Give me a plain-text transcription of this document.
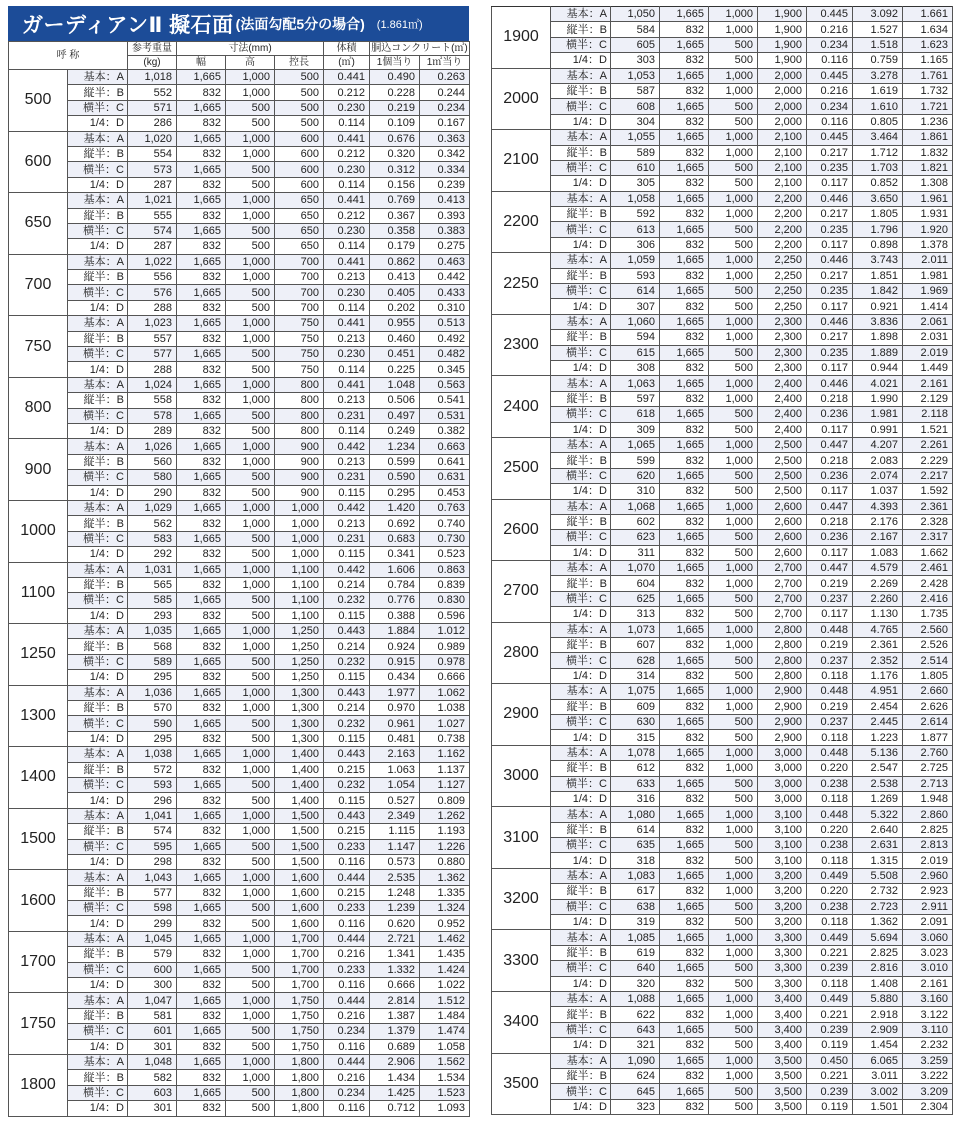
ガーディアンⅡ 擬石面 (法面勾配5分の場合) (1.861㎡)
呼 称		参考重量	寸法(mm)			体積	胴込コンクリート(㎥)	
		(kg)	幅	高	控長	(㎥)	1個当り	1㎡当り
500	基本：A	1,018	1,665	1,000	500	0.441	0.490	0.263
	縦半：B	552	832	1,000	500	0.212	0.228	0.244
	横半：C	571	1,665	500	500	0.230	0.219	0.234
	1/4：D	286	832	500	500	0.114	0.109	0.167
600	基本：A	1,020	1,665	1,000	600	0.441	0.676	0.363
	縦半：B	554	832	1,000	600	0.212	0.320	0.342
	横半：C	573	1,665	500	600	0.230	0.312	0.334
	1/4：D	287	832	500	600	0.114	0.156	0.239
650	基本：A	1,021	1,665	1,000	650	0.441	0.769	0.413
	縦半：B	555	832	1,000	650	0.212	0.367	0.393
	横半：C	574	1,665	500	650	0.230	0.358	0.383
	1/4：D	287	832	500	650	0.114	0.179	0.275
700	基本：A	1,022	1,665	1,000	700	0.441	0.862	0.463
	縦半：B	556	832	1,000	700	0.213	0.413	0.442
	横半：C	576	1,665	500	700	0.230	0.405	0.433
	1/4：D	288	832	500	700	0.114	0.202	0.310
750	基本：A	1,023	1,665	1,000	750	0.441	0.955	0.513
	縦半：B	557	832	1,000	750	0.213	0.460	0.492
	横半：C	577	1,665	500	750	0.230	0.451	0.482
	1/4：D	288	832	500	750	0.114	0.225	0.345
800	基本：A	1,024	1,665	1,000	800	0.441	1.048	0.563
	縦半：B	558	832	1,000	800	0.213	0.506	0.541
	横半：C	578	1,665	500	800	0.231	0.497	0.531
	1/4：D	289	832	500	800	0.114	0.249	0.382
900	基本：A	1,026	1,665	1,000	900	0.442	1.234	0.663
	縦半：B	560	832	1,000	900	0.213	0.599	0.641
	横半：C	580	1,665	500	900	0.231	0.590	0.631
	1/4：D	290	832	500	900	0.115	0.295	0.453
1000	基本：A	1,029	1,665	1,000	1,000	0.442	1.420	0.763
	縦半：B	562	832	1,000	1,000	0.213	0.692	0.740
	横半：C	583	1,665	500	1,000	0.231	0.683	0.730
	1/4：D	292	832	500	1,000	0.115	0.341	0.523
1100	基本：A	1,031	1,665	1,000	1,100	0.442	1.606	0.863
	縦半：B	565	832	1,000	1,100	0.214	0.784	0.839
	横半：C	585	1,665	500	1,100	0.232	0.776	0.830
	1/4：D	293	832	500	1,100	0.115	0.388	0.596
1250	基本：A	1,035	1,665	1,000	1,250	0.443	1.884	1.012
	縦半：B	568	832	1,000	1,250	0.214	0.924	0.989
	横半：C	589	1,665	500	1,250	0.232	0.915	0.978
	1/4：D	295	832	500	1,250	0.115	0.434	0.666
1300	基本：A	1,036	1,665	1,000	1,300	0.443	1.977	1.062
	縦半：B	570	832	1,000	1,300	0.214	0.970	1.038
	横半：C	590	1,665	500	1,300	0.232	0.961	1.027
	1/4：D	295	832	500	1,300	0.115	0.481	0.738
1400	基本：A	1,038	1,665	1,000	1,400	0.443	2.163	1.162
	縦半：B	572	832	1,000	1,400	0.215	1.063	1.137
	横半：C	593	1,665	500	1,400	0.232	1.054	1.127
	1/4：D	296	832	500	1,400	0.115	0.527	0.809
1500	基本：A	1,041	1,665	1,000	1,500	0.443	2.349	1.262
	縦半：B	574	832	1,000	1,500	0.215	1.115	1.193
	横半：C	595	1,665	500	1,500	0.233	1.147	1.226
	1/4：D	298	832	500	1,500	0.116	0.573	0.880
1600	基本：A	1,043	1,665	1,000	1,600	0.444	2.535	1.362
	縦半：B	577	832	1,000	1,600	0.215	1.248	1.335
	横半：C	598	1,665	500	1,600	0.233	1.239	1.324
	1/4：D	299	832	500	1,600	0.116	0.620	0.952
1700	基本：A	1,045	1,665	1,000	1,700	0.444	2.721	1.462
	縦半：B	579	832	1,000	1,700	0.216	1.341	1.435
	横半：C	600	1,665	500	1,700	0.233	1.332	1.424
	1/4：D	300	832	500	1,700	0.116	0.666	1.022
1750	基本：A	1,047	1,665	1,000	1,750	0.444	2.814	1.512
	縦半：B	581	832	1,000	1,750	0.216	1.387	1.484
	横半：C	601	1,665	500	1,750	0.234	1.379	1.474
	1/4：D	301	832	500	1,750	0.116	0.689	1.058
1800	基本：A	1,048	1,665	1,000	1,800	0.444	2.906	1.562
	縦半：B	582	832	1,000	1,800	0.216	1.434	1.534
	横半：C	603	1,665	500	1,800	0.234	1.425	1.523
	1/4：D	301	832	500	1,800	0.116	0.712	1.093
1900	基本：A	1,050	1,665	1,000	1,900	0.445	3.092	1.661
	縦半：B	584	832	1,000	1,900	0.216	1.527	1.634
	横半：C	605	1,665	500	1,900	0.234	1.518	1.623
	1/4：D	303	832	500	1,900	0.116	0.759	1.165
2000	基本：A	1,053	1,665	1,000	2,000	0.445	3.278	1.761
	縦半：B	587	832	1,000	2,000	0.216	1.619	1.732
	横半：C	608	1,665	500	2,000	0.234	1.610	1.721
	1/4：D	304	832	500	2,000	0.116	0.805	1.236
2100	基本：A	1,055	1,665	1,000	2,100	0.445	3.464	1.861
	縦半：B	589	832	1,000	2,100	0.217	1.712	1.832
	横半：C	610	1,665	500	2,100	0.235	1.703	1.821
	1/4：D	305	832	500	2,100	0.117	0.852	1.308
2200	基本：A	1,058	1,665	1,000	2,200	0.446	3.650	1.961
	縦半：B	592	832	1,000	2,200	0.217	1.805	1.931
	横半：C	613	1,665	500	2,200	0.235	1.796	1.920
	1/4：D	306	832	500	2,200	0.117	0.898	1.378
2250	基本：A	1,059	1,665	1,000	2,250	0.446	3.743	2.011
	縦半：B	593	832	1,000	2,250	0.217	1.851	1.981
	横半：C	614	1,665	500	2,250	0.235	1.842	1.969
	1/4：D	307	832	500	2,250	0.117	0.921	1.414
2300	基本：A	1,060	1,665	1,000	2,300	0.446	3.836	2.061
	縦半：B	594	832	1,000	2,300	0.217	1.898	2.031
	横半：C	615	1,665	500	2,300	0.235	1.889	2.019
	1/4：D	308	832	500	2,300	0.117	0.944	1.449
2400	基本：A	1,063	1,665	1,000	2,400	0.446	4.021	2.161
	縦半：B	597	832	1,000	2,400	0.218	1.990	2.129
	横半：C	618	1,665	500	2,400	0.236	1.981	2.118
	1/4：D	309	832	500	2,400	0.117	0.991	1.521
2500	基本：A	1,065	1,665	1,000	2,500	0.447	4.207	2.261
	縦半：B	599	832	1,000	2,500	0.218	2.083	2.229
	横半：C	620	1,665	500	2,500	0.236	2.074	2.217
	1/4：D	310	832	500	2,500	0.117	1.037	1.592
2600	基本：A	1,068	1,665	1,000	2,600	0.447	4.393	2.361
	縦半：B	602	832	1,000	2,600	0.218	2.176	2.328
	横半：C	623	1,665	500	2,600	0.236	2.167	2.317
	1/4：D	311	832	500	2,600	0.117	1.083	1.662
2700	基本：A	1,070	1,665	1,000	2,700	0.447	4.579	2.461
	縦半：B	604	832	1,000	2,700	0.219	2.269	2.428
	横半：C	625	1,665	500	2,700	0.237	2.260	2.416
	1/4：D	313	832	500	2,700	0.117	1.130	1.735
2800	基本：A	1,073	1,665	1,000	2,800	0.448	4.765	2.560
	縦半：B	607	832	1,000	2,800	0.219	2.361	2.526
	横半：C	628	1,665	500	2,800	0.237	2.352	2.514
	1/4：D	314	832	500	2,800	0.118	1.176	1.805
2900	基本：A	1,075	1,665	1,000	2,900	0.448	4.951	2.660
	縦半：B	609	832	1,000	2,900	0.219	2.454	2.626
	横半：C	630	1,665	500	2,900	0.237	2.445	2.614
	1/4：D	315	832	500	2,900	0.118	1.223	1.877
3000	基本：A	1,078	1,665	1,000	3,000	0.448	5.136	2.760
	縦半：B	612	832	1,000	3,000	0.220	2.547	2.725
	横半：C	633	1,665	500	3,000	0.238	2.538	2.713
	1/4：D	316	832	500	3,000	0.118	1.269	1.948
3100	基本：A	1,080	1,665	1,000	3,100	0.448	5.322	2.860
	縦半：B	614	832	1,000	3,100	0.220	2.640	2.825
	横半：C	635	1,665	500	3,100	0.238	2.631	2.813
	1/4：D	318	832	500	3,100	0.118	1.315	2.019
3200	基本：A	1,083	1,665	1,000	3,200	0.449	5.508	2.960
	縦半：B	617	832	1,000	3,200	0.220	2.732	2.923
	横半：C	638	1,665	500	3,200	0.238	2.723	2.911
	1/4：D	319	832	500	3,200	0.118	1.362	2.091
3300	基本：A	1,085	1,665	1,000	3,300	0.449	5.694	3.060
	縦半：B	619	832	1,000	3,300	0.221	2.825	3.023
	横半：C	640	1,665	500	3,300	0.239	2.816	3.010
	1/4：D	320	832	500	3,300	0.118	1.408	2.161
3400	基本：A	1,088	1,665	1,000	3,400	0.449	5.880	3.160
	縦半：B	622	832	1,000	3,400	0.221	2.918	3.122
	横半：C	643	1,665	500	3,400	0.239	2.909	3.110
	1/4：D	321	832	500	3,400	0.119	1.454	2.232
3500	基本：A	1,090	1,665	1,000	3,500	0.450	6.065	3.259
	縦半：B	624	832	1,000	3,500	0.221	3.011	3.222
	横半：C	645	1,665	500	3,500	0.239	3.002	3.209
	1/4：D	323	832	500	3,500	0.119	1.501	2.304
